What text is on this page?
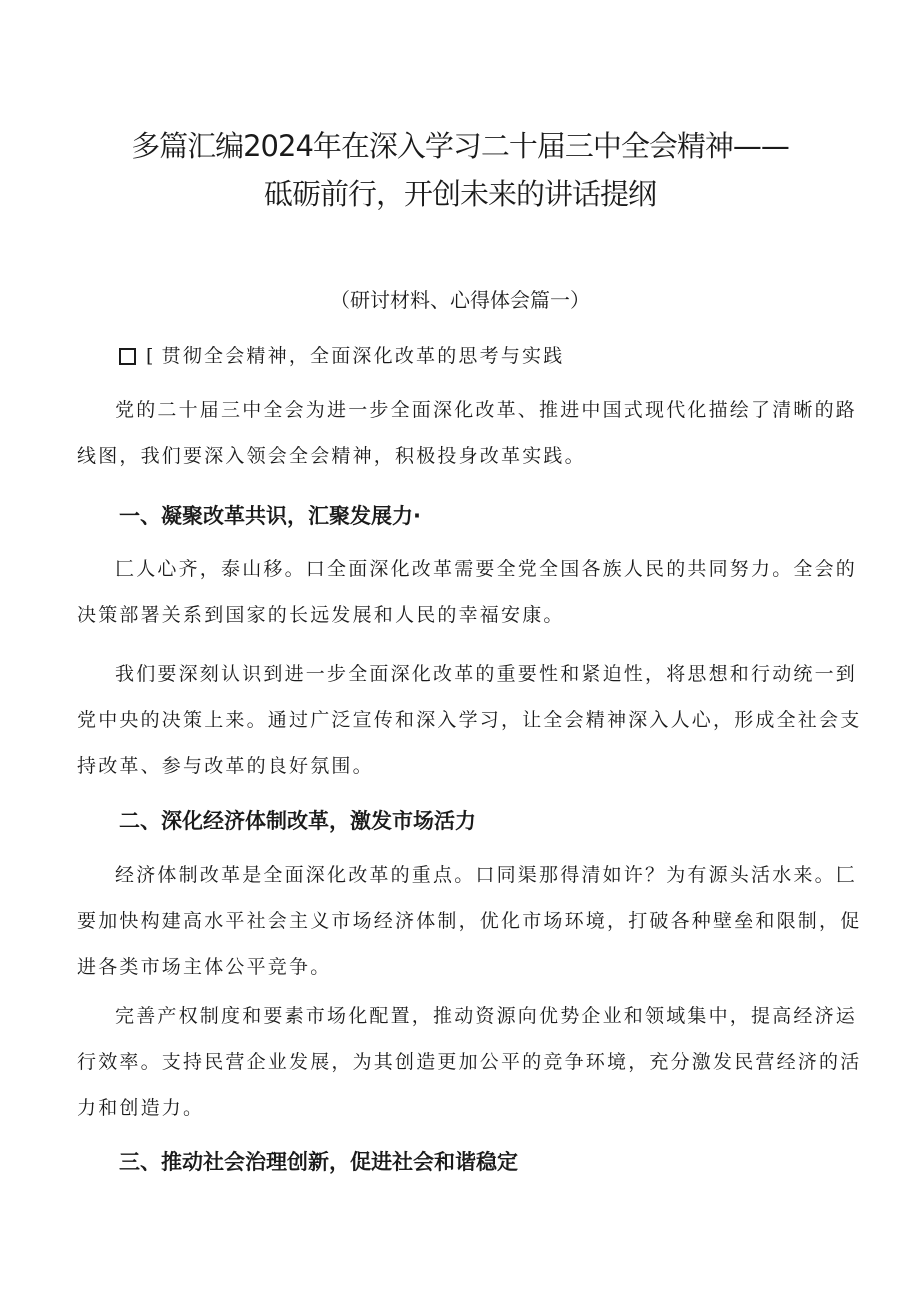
多篇汇编2024年在深入学习二十届三中全会精神——
砥砺前行，开创未来的讲话提纲
（研讨材料、心得体会篇一）
[ 贯彻全会精神，全面深化改革的思考与实践

党的二十届三中全会为进一步全面深化改革、推进中国式现代化描绘了清晰的路线图，我们要深入领会全会精神，积极投身改革实践。

一、凝聚改革共识，汇聚发展力·

匚人心齐，泰山移。口全面深化改革需要全党全国各族人民的共同努力。全会的决策部署关系到国家的长远发展和人民的幸福安康。

我们要深刻认识到进一步全面深化改革的重要性和紧迫性，将思想和行动统一到党中央的决策上来。通过广泛宣传和深入学习，让全会精神深入人心，形成全社会支持改革、参与改革的良好氛围。

二、深化经济体制改革，激发市场活力

经济体制改革是全面深化改革的重点。口同渠那得清如许？为有源头活水来。匚要加快构建高水平社会主义市场经济体制，优化市场环境，打破各种壁垒和限制，促进各类市场主体公平竞争。

完善产权制度和要素市场化配置，推动资源向优势企业和领域集中，提高经济运行效率。支持民营企业发展，为其创造更加公平的竞争环境，充分激发民营经济的活力和创造力。

三、推动社会治理创新，促进社会和谐稳定
